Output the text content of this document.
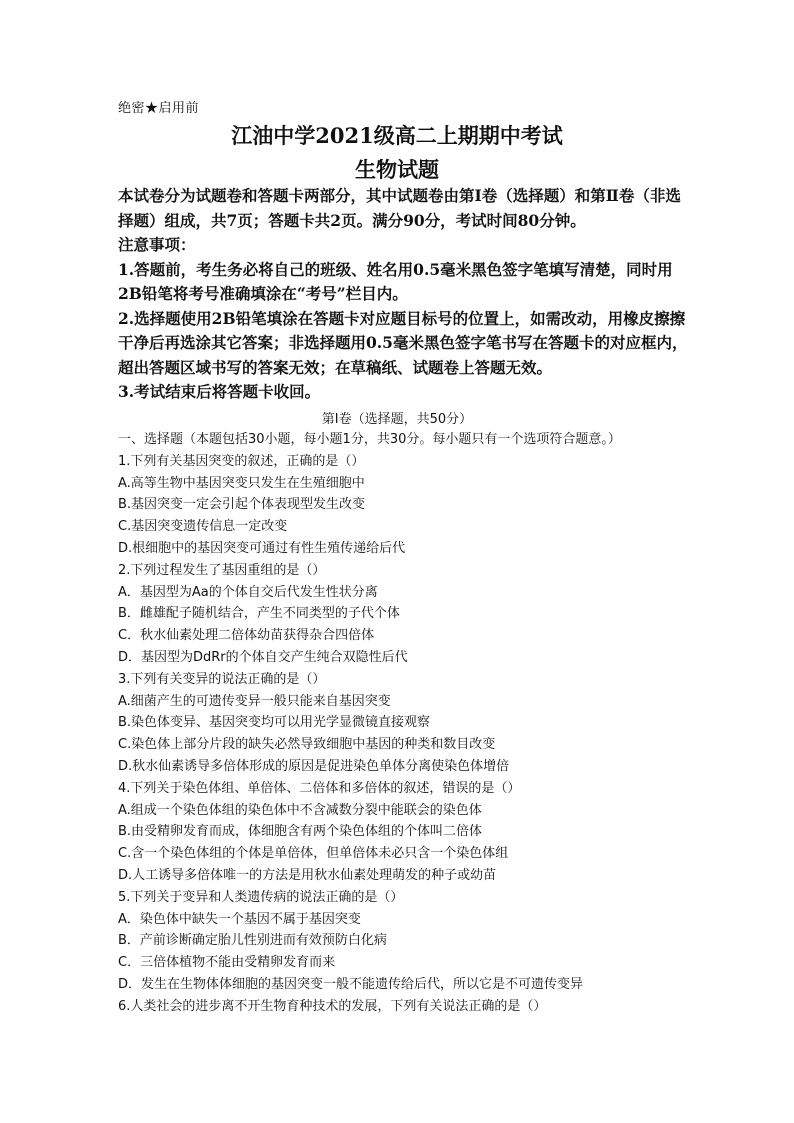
绝密★启用前
江油中学2021级高二上期期中考试
生物试题

本试卷分为试题卷和答题卡两部分，其中试题卷由第Ⅰ卷（选择题）和第Ⅱ卷（非选择题）组成，共7页；答题卡共2页。满分90分，考试时间80分钟。

注意事项：

1.答题前，考生务必将自己的班级、姓名用0.5毫米黑色签字笔填写清楚，同时用2B铅笔将考号准确填涂在“考号”栏目内。

2.选择题使用2B铅笔填涂在答题卡对应题目标号的位置上，如需改动，用橡皮擦擦干净后再选涂其它答案；非选择题用0.5毫米黑色签字笔书写在答题卡的对应框内，超出答题区域书写的答案无效；在草稿纸、试题卷上答题无效。

3.考试结束后将答题卡收回。

第Ⅰ卷（选择题，共50分）
一、选择题（本题包括30小题，每小题1分，共30分。每小题只有一个选项符合题意。）
1.下列有关基因突变的叙述，正确的是（）
A.高等生物中基因突变只发生在生殖细胞中
B.基因突变一定会引起个体表现型发生改变
C.基因突变遗传信息一定改变
D.根细胞中的基因突变可通过有性生殖传递给后代
2.下列过程发生了基因重组的是（）
A．基因型为Aa的个体自交后代发生性状分离
B．雌雄配子随机结合，产生不同类型的子代个体
C．秋水仙素处理二倍体幼苗获得杂合四倍体
D．基因型为DdRr的个体自交产生纯合双隐性后代
3.下列有关变异的说法正确的是（）
A.细菌产生的可遗传变异一般只能来自基因突变
B.染色体变异、基因突变均可以用光学显微镜直接观察
C.染色体上部分片段的缺失必然导致细胞中基因的种类和数目改变
D.秋水仙素诱导多倍体形成的原因是促进染色单体分离使染色体增倍
4.下列关于染色体组、单倍体、二倍体和多倍体的叙述，错误的是（）
A.组成一个染色体组的染色体中不含减数分裂中能联会的染色体
B.由受精卵发育而成，体细胞含有两个染色体组的个体叫二倍体
C.含一个染色体组的个体是单倍体，但单倍体未必只含一个染色体组
D.人工诱导多倍体唯一的方法是用秋水仙素处理萌发的种子或幼苗
5.下列关于变异和人类遗传病的说法正确的是（）
A．染色体中缺失一个基因不属于基因突变
B．产前诊断确定胎儿性别进而有效预防白化病
C．三倍体植物不能由受精卵发育而来
D．发生在生物体体细胞的基因突变一般不能遗传给后代，所以它是不可遗传变异
6.人类社会的进步离不开生物育种技术的发展，下列有关说法正确的是（）
